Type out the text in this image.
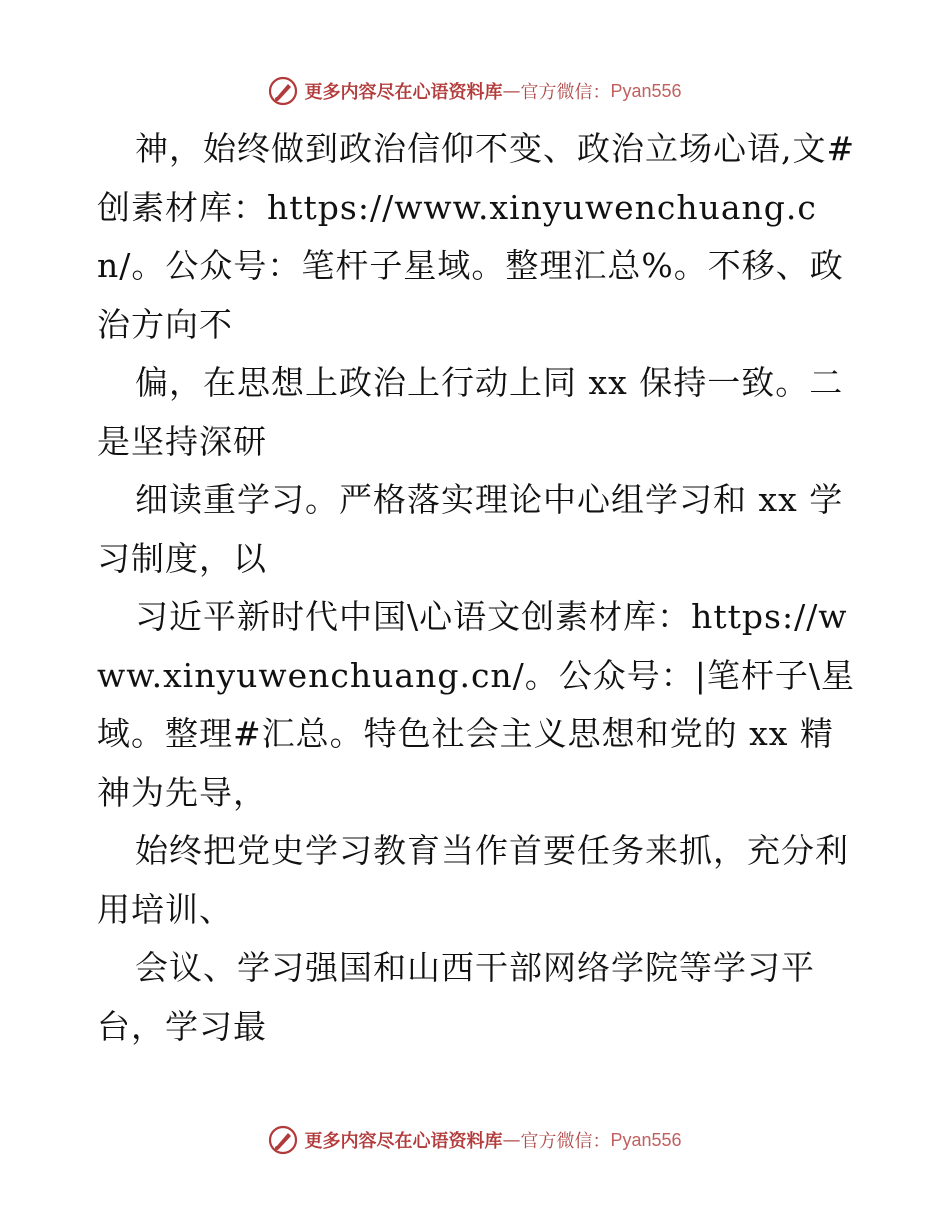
更多内容尽在心语资料库 — 官方微信： Pyan556

神，始终做到政治信仰不变、政治立场心语,文#创素材库：https://www.xinyuwenchuang.cn/。公众号：笔杆子星域。整理汇总%。不移、政治方向不

偏，在思想上政治上行动上同 xx 保持一致。二是坚持深研

细读重学习。严格落实理论中心组学习和 xx 学习制度，以

习近平新时代中国\心语文创素材库：https://www.xinyuwenchuang.cn/。公众号：|笔杆子\星域。整理#汇总。特色社会主义思想和党的 xx 精神为先导，

始终把党史学习教育当作首要任务来抓，充分利用培训、

会议、学习强国和山西干部网络学院等学习平台，学习最

更多内容尽在心语资料库 — 官方微信： Pyan556
